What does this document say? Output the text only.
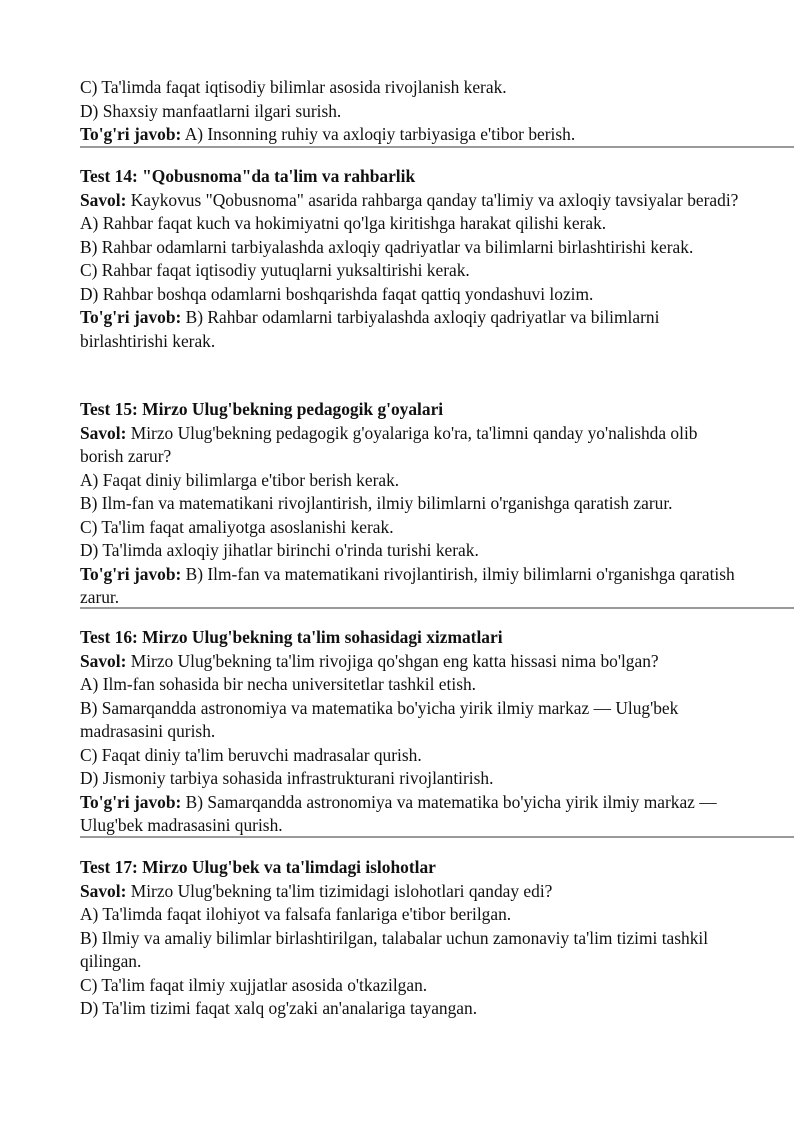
C) Ta'limda faqat iqtisodiy bilimlar asosida rivojlanish kerak.
D) Shaxsiy manfaatlarni ilgari surish.
To'g'ri javob: A) Insonning ruhiy va axloqiy tarbiyasiga e'tibor berish.
Test 14: "Qobusnoma"da ta'lim va rahbarlik
Savol: Kaykovus "Qobusnoma" asarida rahbarga qanday ta'limiy va axloqiy tavsiyalar beradi?
A) Rahbar faqat kuch va hokimiyatni qo'lga kiritishga harakat qilishi kerak.
B) Rahbar odamlarni tarbiyalashda axloqiy qadriyatlar va bilimlarni birlashtirishi kerak.
C) Rahbar faqat iqtisodiy yutuqlarni yuksaltirishi kerak.
D) Rahbar boshqa odamlarni boshqarishda faqat qattiq yondashuvi lozim.
To'g'ri javob: B) Rahbar odamlarni tarbiyalashda axloqiy qadriyatlar va bilimlarni birlashtirishi kerak.
Test 15: Mirzo Ulug'bekning pedagogik g'oyalari
Savol: Mirzo Ulug'bekning pedagogik g'oyalariga ko'ra, ta'limni qanday yo'nalishda olib borish zarur?
A) Faqat diniy bilimlarga e'tibor berish kerak.
B) Ilm-fan va matematikani rivojlantirish, ilmiy bilimlarni o'rganishga qaratish zarur.
C) Ta'lim faqat amaliyotga asoslanishi kerak.
D) Ta'limda axloqiy jihatlar birinchi o'rinda turishi kerak.
To'g'ri javob: B) Ilm-fan va matematikani rivojlantirish, ilmiy bilimlarni o'rganishga qaratish zarur.
Test 16: Mirzo Ulug'bekning ta'lim sohasidagi xizmatlari
Savol: Mirzo Ulug'bekning ta'lim rivojiga qo'shgan eng katta hissasi nima bo'lgan?
A) Ilm-fan sohasida bir necha universitetlar tashkil etish.
B) Samarqandda astronomiya va matematika bo'yicha yirik ilmiy markaz — Ulug'bek madrasasini qurish.
C) Faqat diniy ta'lim beruvchi madrasalar qurish.
D) Jismoniy tarbiya sohasida infrastrukturani rivojlantirish.
To'g'ri javob: B) Samarqandda astronomiya va matematika bo'yicha yirik ilmiy markaz — Ulug'bek madrasasini qurish.
Test 17: Mirzo Ulug'bek va ta'limdagi islohotlar
Savol: Mirzo Ulug'bekning ta'lim tizimidagi islohotlari qanday edi?
A) Ta'limda faqat ilohiyot va falsafa fanlariga e'tibor berilgan.
B) Ilmiy va amaliy bilimlar birlashtirilgan, talabalar uchun zamonaviy ta'lim tizimi tashkil qilingan.
C) Ta'lim faqat ilmiy xujjatlar asosida o'tkazilgan.
D) Ta'lim tizimi faqat xalq og'zaki an'analariga tayangan.
